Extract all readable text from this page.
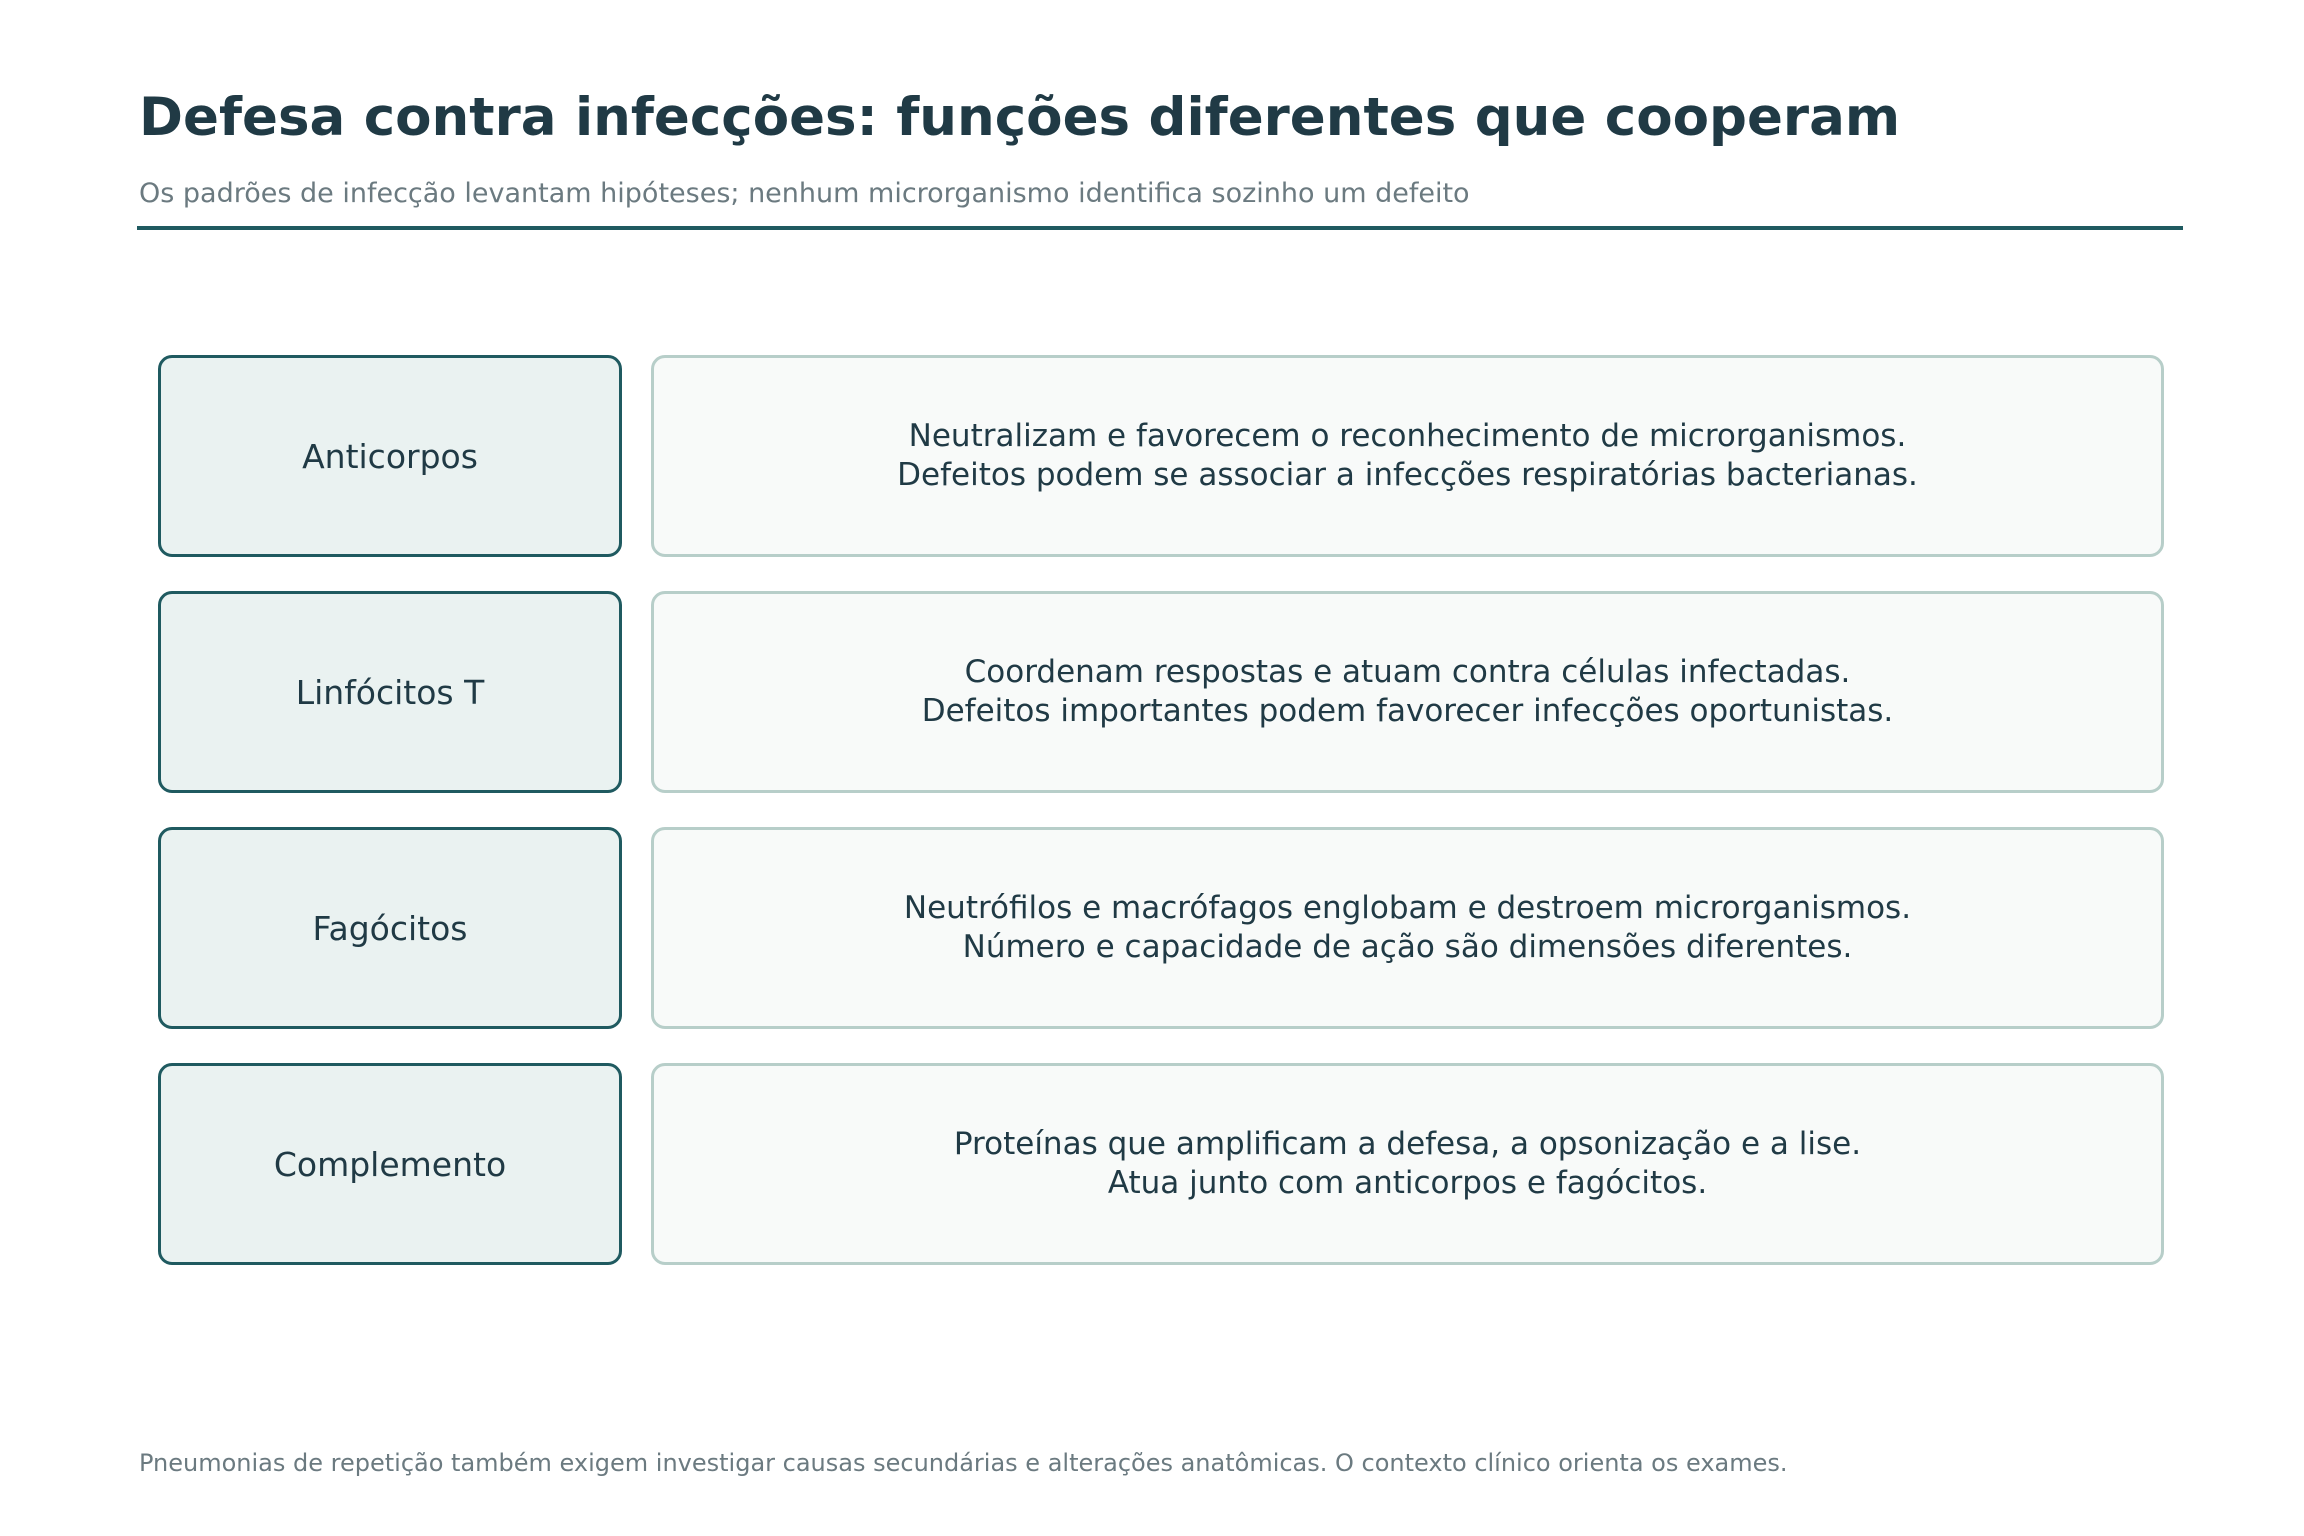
Defesa contra infecções: funções diferentes que cooperam
Os padrões de infecção levantam hipóteses; nenhum microrganismo identifica sozinho um defeito
Anticorpos
Neutralizam e favorecem o reconhecimento de microrganismos.
Defeitos podem se associar a infecções respiratórias bacterianas.
Linfócitos T
Coordenam respostas e atuam contra células infectadas.
Defeitos importantes podem favorecer infecções oportunistas.
Fagócitos
Neutrófilos e macrófagos englobam e destroem microrganismos.
Número e capacidade de ação são dimensões diferentes.
Complemento
Proteínas que amplificam a defesa, a opsonização e a lise.
Atua junto com anticorpos e fagócitos.
Pneumonias de repetição também exigem investigar causas secundárias e alterações anatômicas. O contexto clínico orienta os exames.
